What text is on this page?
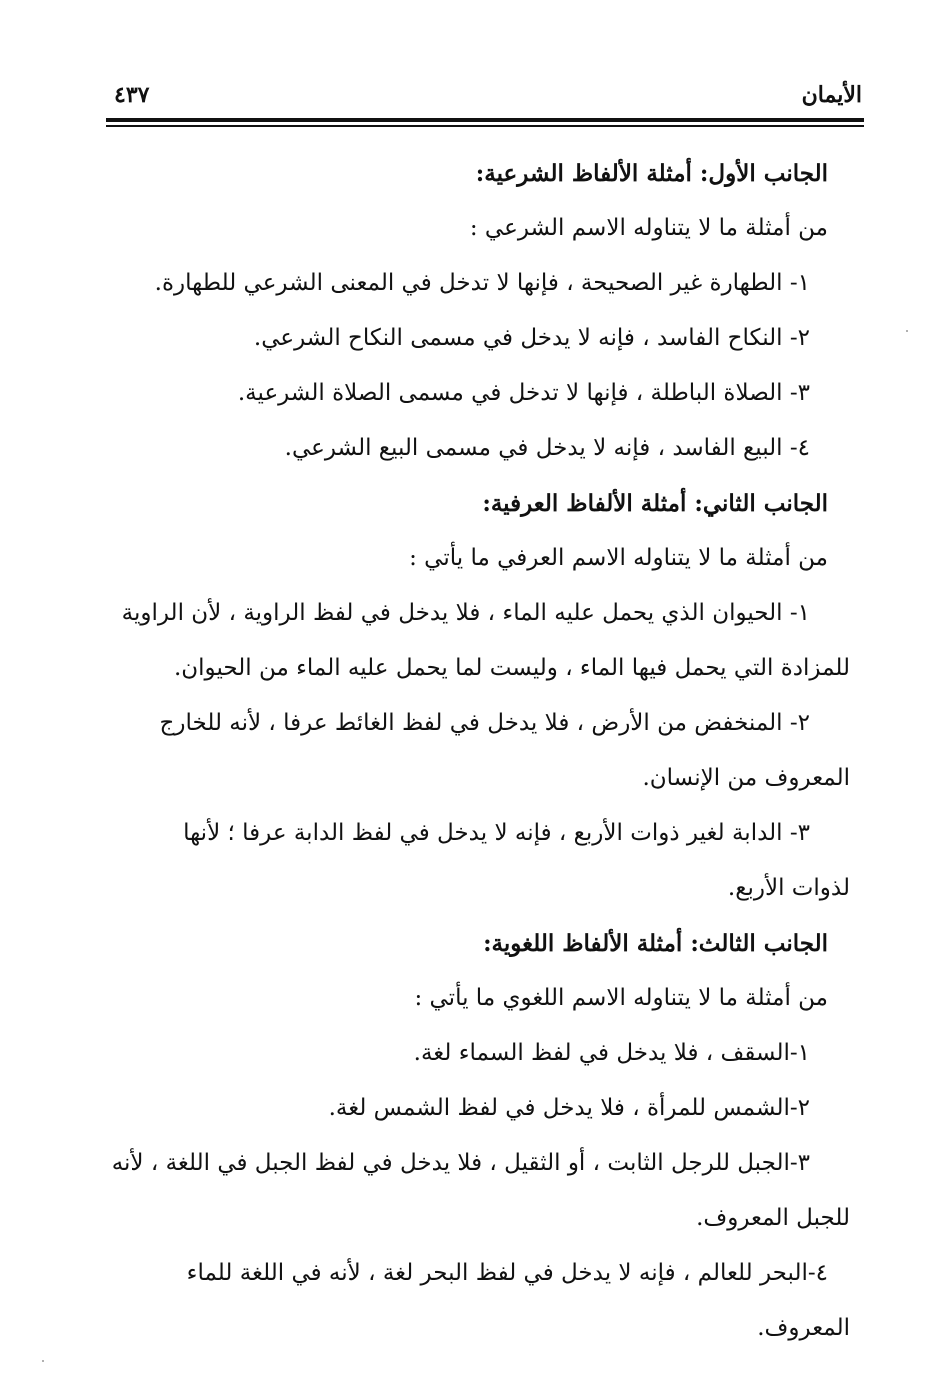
الأيمان
٤٣٧

الجانب الأول: أمثلة الألفاظ الشرعية:

من أمثلة ما لا يتناوله الاسم الشرعي :

١- الطهارة غير الصحيحة ، فإنها لا تدخل في المعنى الشرعي للطهارة.

٢- النكاح الفاسد ، فإنه لا يدخل في مسمى النكاح الشرعي.

٣- الصلاة الباطلة ، فإنها لا تدخل في مسمى الصلاة الشرعية.

٤- البيع الفاسد ، فإنه لا يدخل في مسمى البيع الشرعي.

الجانب الثاني: أمثلة الألفاظ العرفية:

من أمثلة ما لا يتناوله الاسم العرفي ما يأتي :

١- الحيوان الذي يحمل عليه الماء ، فلا يدخل في لفظ الراوية ، لأن الراوية

للمزادة التي يحمل فيها الماء ، وليست لما يحمل عليه الماء من الحيوان.

٢- المنخفض من الأرض ، فلا يدخل في لفظ الغائط عرفا ، لأنه للخارج

المعروف من الإنسان.

٣- الدابة لغير ذوات الأربع ، فإنه لا يدخل في لفظ الدابة عرفا ؛ لأنها

لذوات الأربع.

الجانب الثالث: أمثلة الألفاظ اللغوية:

من أمثلة ما لا يتناوله الاسم اللغوي ما يأتي :

١-السقف ، فلا يدخل في لفظ السماء لغة.

٢-الشمس للمرأة ، فلا يدخل في لفظ الشمس لغة.

٣-الجبل للرجل الثابت ، أو الثقيل ، فلا يدخل في لفظ الجبل في اللغة ، لأنه

للجبل المعروف.

٤-البحر للعالم ، فإنه لا يدخل في لفظ البحر لغة ، لأنه في اللغة للماء

المعروف.
